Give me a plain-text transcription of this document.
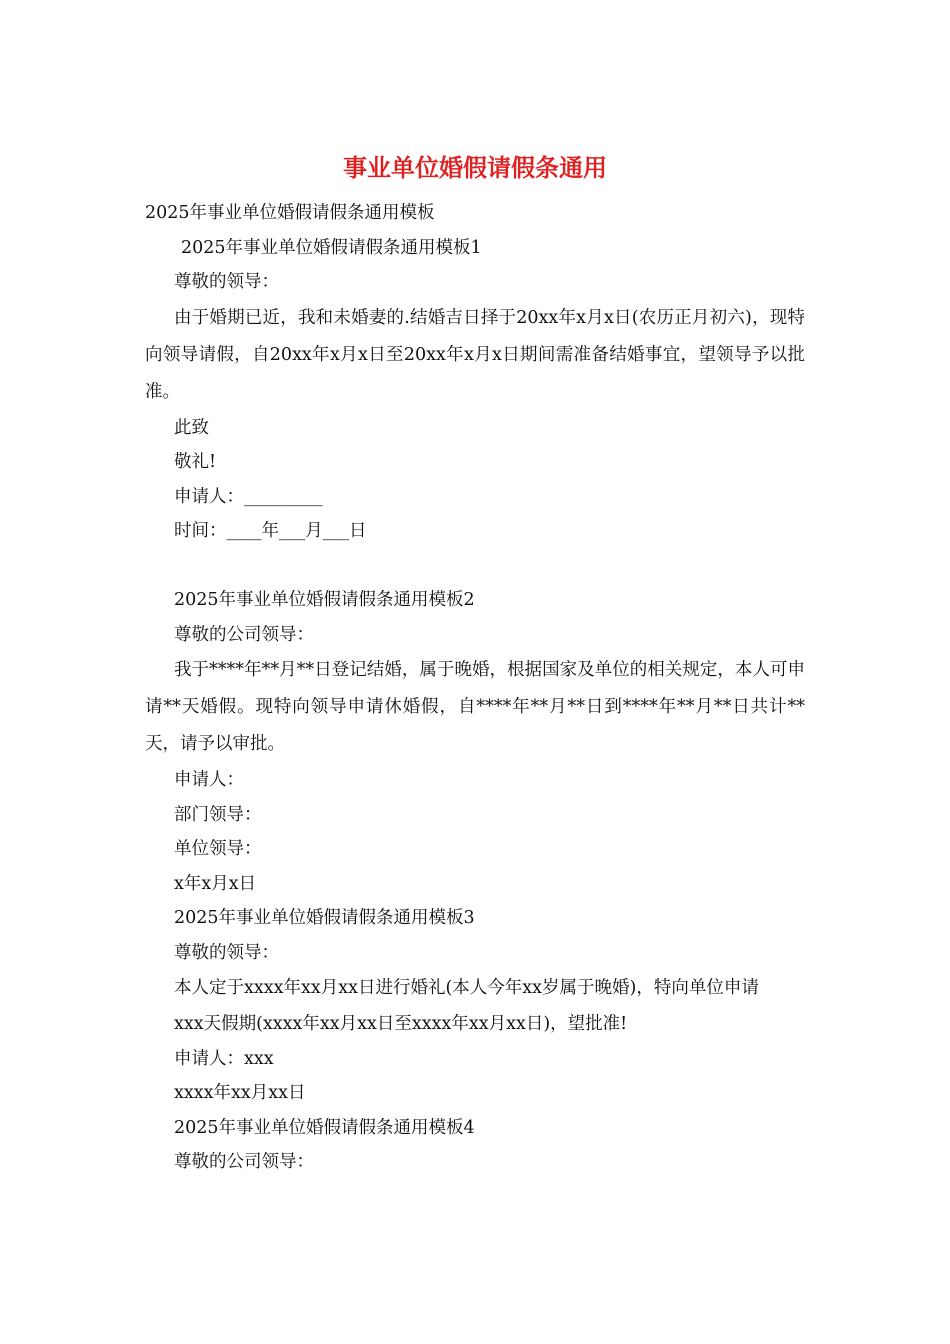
事业单位婚假请假条通用

2025年事业单位婚假请假条通用模板

2025年事业单位婚假请假条通用模板1

尊敬的领导：

由于婚期已近，我和未婚妻的.结婚吉日择于20xx年x月x日(农历正月初六)，现特向领导请假，自20xx年x月x日至20xx年x月x日期间需准备结婚事宜，望领导予以批准。

此致

敬礼!

申请人：_________

时间：____年___月___日

2025年事业单位婚假请假条通用模板2

尊敬的公司领导：

我于****年**月**日登记结婚，属于晚婚，根据国家及单位的相关规定，本人可申请**天婚假。现特向领导申请休婚假，自****年**月**日到****年**月**日共计**天，请予以审批。

申请人：

部门领导：

单位领导：

x年x月x日

2025年事业单位婚假请假条通用模板3

尊敬的领导：

本人定于xxxx年xx月xx日进行婚礼(本人今年xx岁属于晚婚)，特向单位申请

xxx天假期(xxxx年xx月xx日至xxxx年xx月xx日)，望批准!

申请人：xxx

xxxx年xx月xx日

2025年事业单位婚假请假条通用模板4

尊敬的公司领导：
